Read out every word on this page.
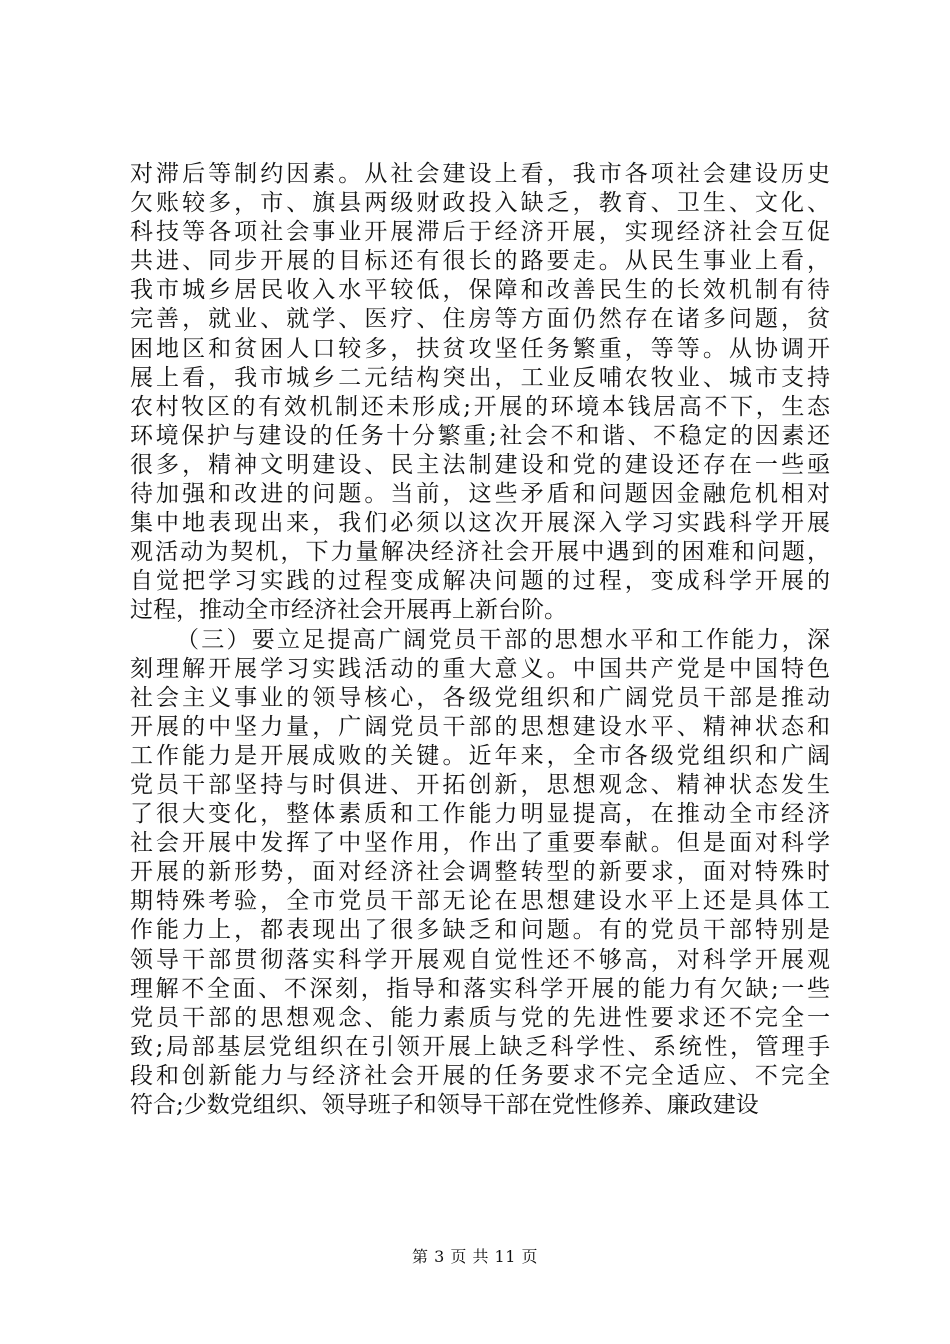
对滞后等制约因素。从社会建设上看，我市各项社会建设历史
欠账较多，市、旗县两级财政投入缺乏，教育、卫生、文化、
科技等各项社会事业开展滞后于经济开展，实现经济社会互促
共进、同步开展的目标还有很长的路要走。从民生事业上看，
我市城乡居民收入水平较低，保障和改善民生的长效机制有待
完善，就业、就学、医疗、住房等方面仍然存在诸多问题，贫
困地区和贫困人口较多，扶贫攻坚任务繁重，等等。从协调开
展上看，我市城乡二元结构突出，工业反哺农牧业、城市支持
农村牧区的有效机制还未形成;开展的环境本钱居高不下，生态
环境保护与建设的任务十分繁重;社会不和谐、不稳定的因素还
很多，精神文明建设、民主法制建设和党的建设还存在一些亟
待加强和改进的问题。当前，这些矛盾和问题因金融危机相对
集中地表现出来，我们必须以这次开展深入学习实践科学开展
观活动为契机，下力量解决经济社会开展中遇到的困难和问题，
自觉把学习实践的过程变成解决问题的过程，变成科学开展的
过程，推动全市经济社会开展再上新台阶。
（三）要立足提高广阔党员干部的思想水平和工作能力，深
刻理解开展学习实践活动的重大意义。中国共产党是中国特色
社会主义事业的领导核心，各级党组织和广阔党员干部是推动
开展的中坚力量，广阔党员干部的思想建设水平、精神状态和
工作能力是开展成败的关键。近年来，全市各级党组织和广阔
党员干部坚持与时俱进、开拓创新，思想观念、精神状态发生
了很大变化，整体素质和工作能力明显提高，在推动全市经济
社会开展中发挥了中坚作用，作出了重要奉献。但是面对科学
开展的新形势，面对经济社会调整转型的新要求，面对特殊时
期特殊考验，全市党员干部无论在思想建设水平上还是具体工
作能力上，都表现出了很多缺乏和问题。有的党员干部特别是
领导干部贯彻落实科学开展观自觉性还不够高，对科学开展观
理解不全面、不深刻，指导和落实科学开展的能力有欠缺;一些
党员干部的思想观念、能力素质与党的先进性要求还不完全一
致;局部基层党组织在引领开展上缺乏科学性、系统性，管理手
段和创新能力与经济社会开展的任务要求不完全适应、不完全
符合;少数党组织、领导班子和领导干部在党性修养、廉政建设
第 3 页 共 11 页
